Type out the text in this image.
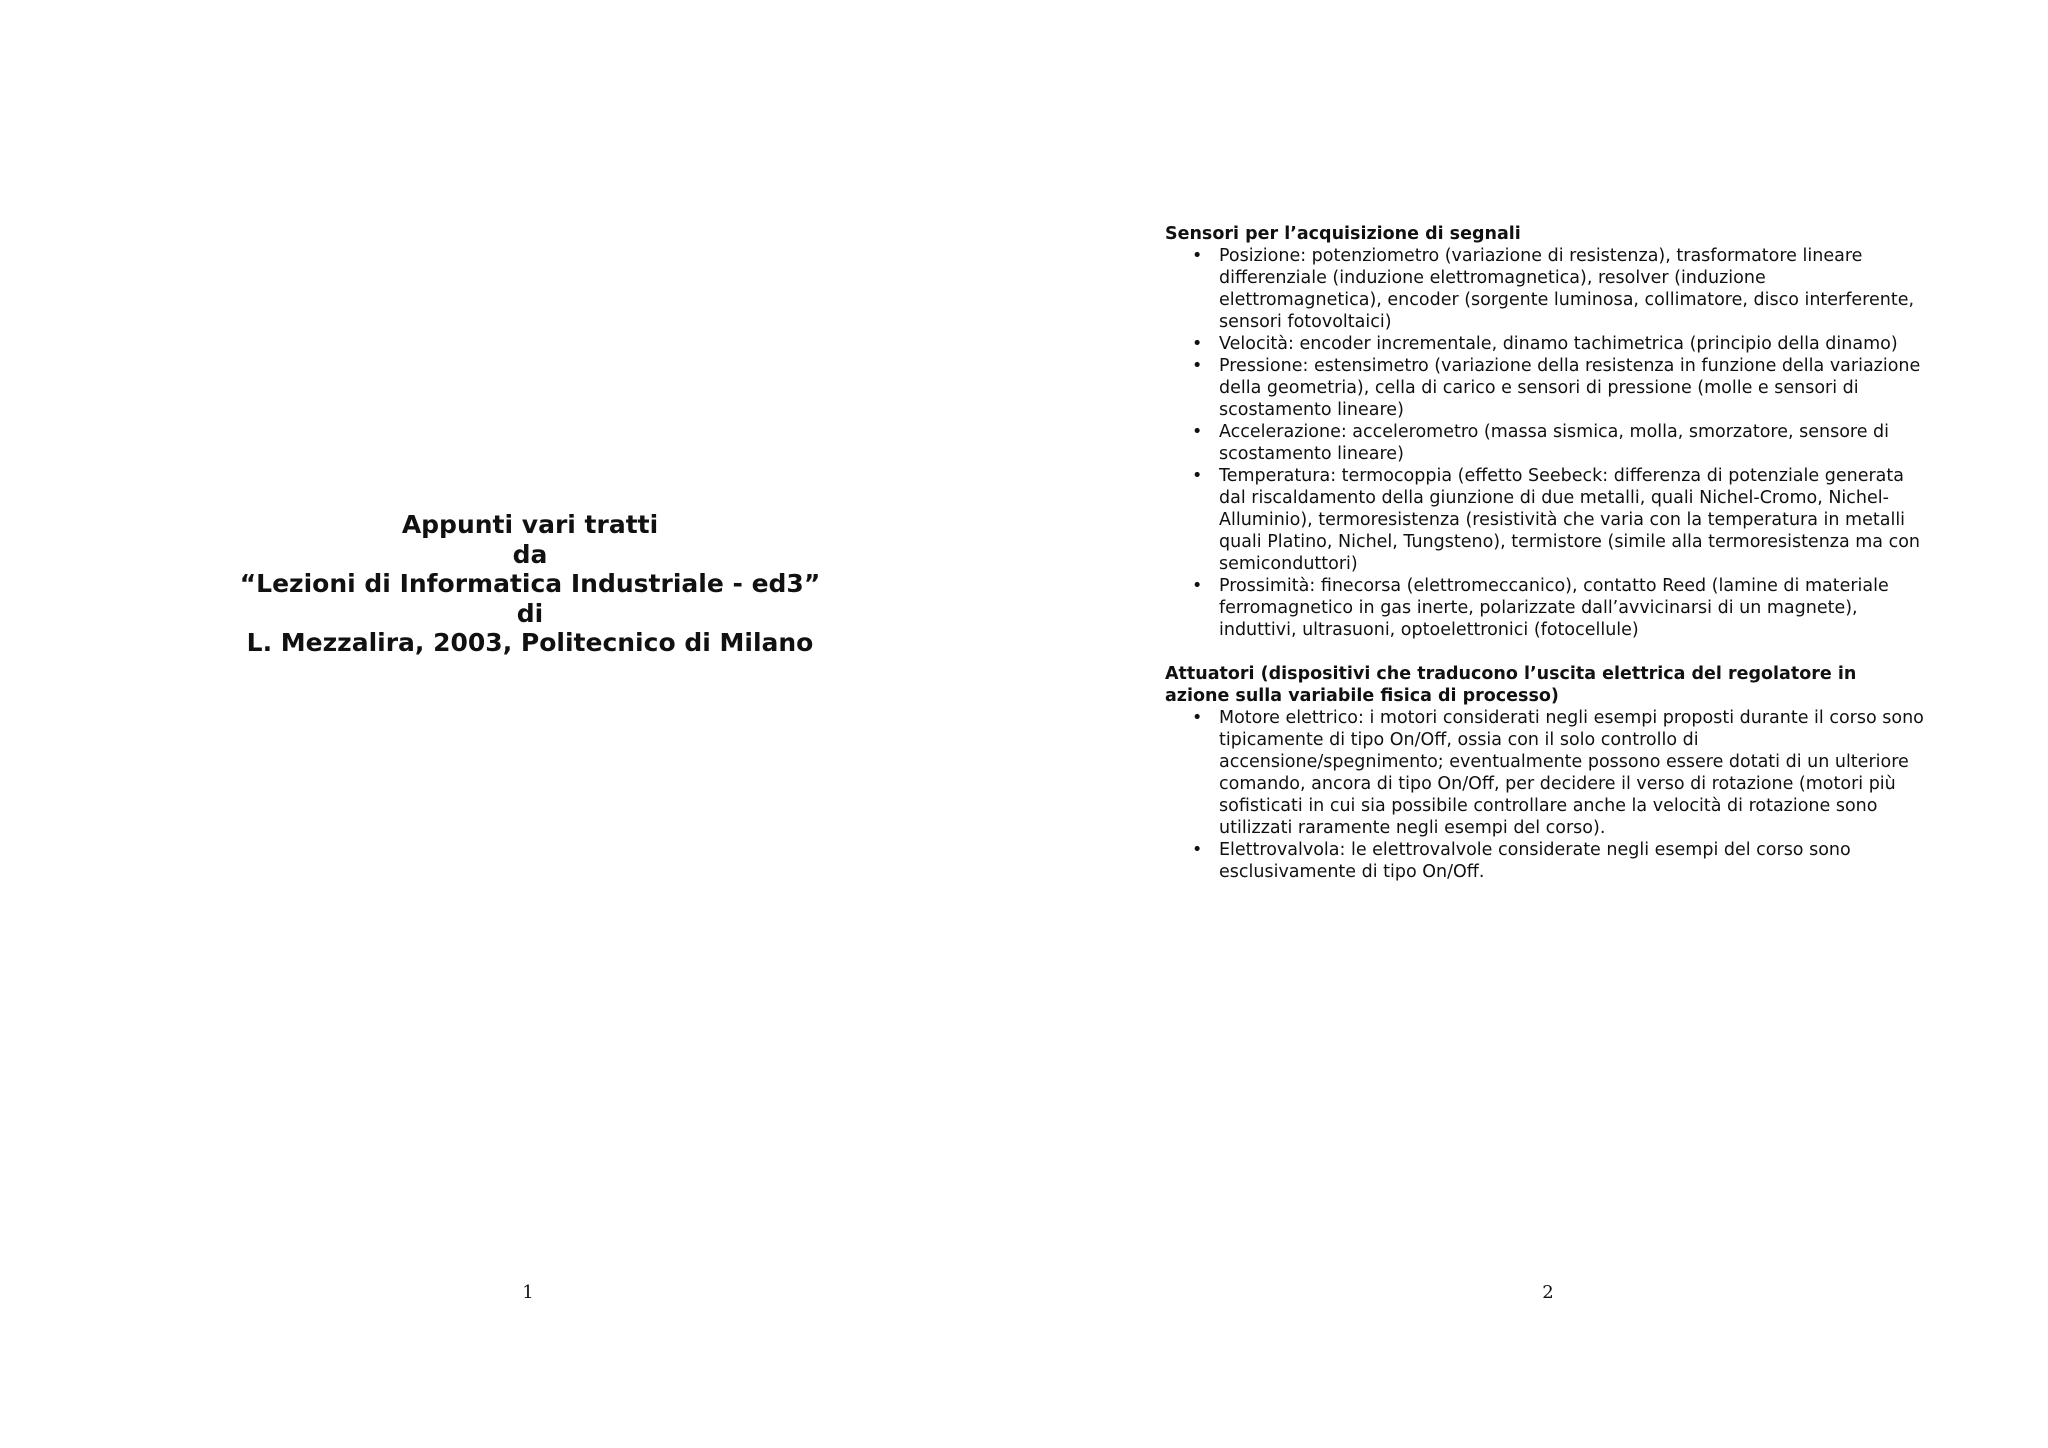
Appunti vari tratti
da
“Lezioni di Informatica Industriale - ed3”
di
L. Mezzalira, 2003, Politecnico di Milano
1

Sensori per l’acquisizione di segnali

• Posizione: potenziometro (variazione di resistenza), trasformatore lineare differenziale (induzione elettromagnetica), resolver (induzione elettromagnetica), encoder (sorgente luminosa, collimatore, disco interferente, sensori fotovoltaici)
• Velocità: encoder incrementale, dinamo tachimetrica (principio della dinamo)
• Pressione: estensimetro (variazione della resistenza in funzione della variazione della geometria), cella di carico e sensori di pressione (molle e sensori di scostamento lineare)
• Accelerazione: accelerometro (massa sismica, molla, smorzatore, sensore di scostamento lineare)
• Temperatura: termocoppia (effetto Seebeck: differenza di potenziale generata dal riscaldamento della giunzione di due metalli, quali Nichel-Cromo, Nichel-Alluminio), termoresistenza (resistività che varia con la temperatura in metalli quali Platino, Nichel, Tungsteno), termistore (simile alla termoresistenza ma con semiconduttori)
• Prossimità: finecorsa (elettromeccanico), contatto Reed (lamine di materiale ferromagnetico in gas inerte, polarizzate dall’avvicinarsi di un magnete), induttivi, ultrasuoni, optoelettronici (fotocellule)

Attuatori (dispositivi che traducono l’uscita elettrica del regolatore in azione sulla variabile fisica di processo)

• Motore elettrico: i motori considerati negli esempi proposti durante il corso sono tipicamente di tipo On/Off, ossia con il solo controllo di accensione/spegnimento; eventualmente possono essere dotati di un ulteriore comando, ancora di tipo On/Off, per decidere il verso di rotazione (motori più sofisticati in cui sia possibile controllare anche la velocità di rotazione sono utilizzati raramente negli esempi del corso).
• Elettrovalvola: le elettrovalvole considerate negli esempi del corso sono esclusivamente di tipo On/Off.
2
